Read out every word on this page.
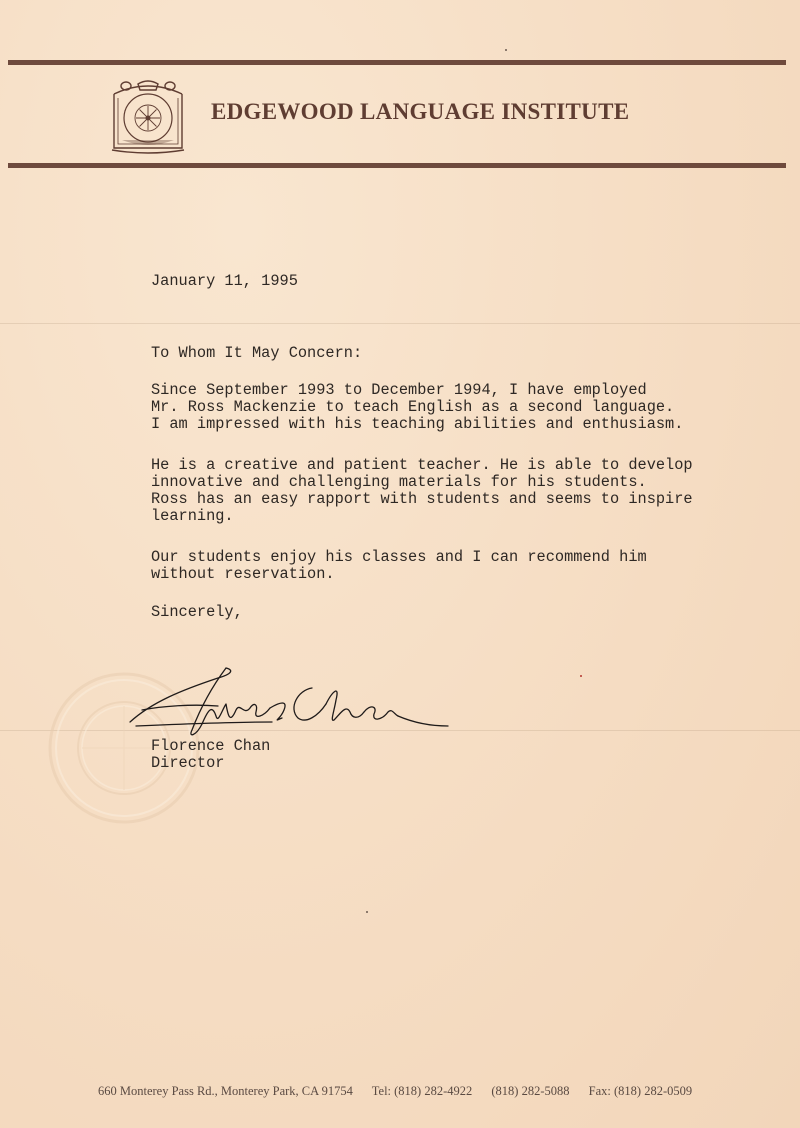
EDGEWOOD LANGUAGE INSTITUTE
January 11, 1995
To Whom It May Concern:
Since September 1993 to December 1994, I have employed
Mr. Ross Mackenzie to teach English as a second language.
I am impressed with his teaching abilities and enthusiasm.
He is a creative and patient teacher. He is able to develop
innovative and challenging materials for his students.
Ross has an easy rapport with students and seems to inspire
learning.
Our students enjoy his classes and I can recommend him
without reservation.
Sincerely,
Florence Chan
Director
660 Monterey Pass Rd., Monterey Park, CA 91754 Tel: (818) 282-4922 (818) 282-5088 Fax: (818) 282-0509
